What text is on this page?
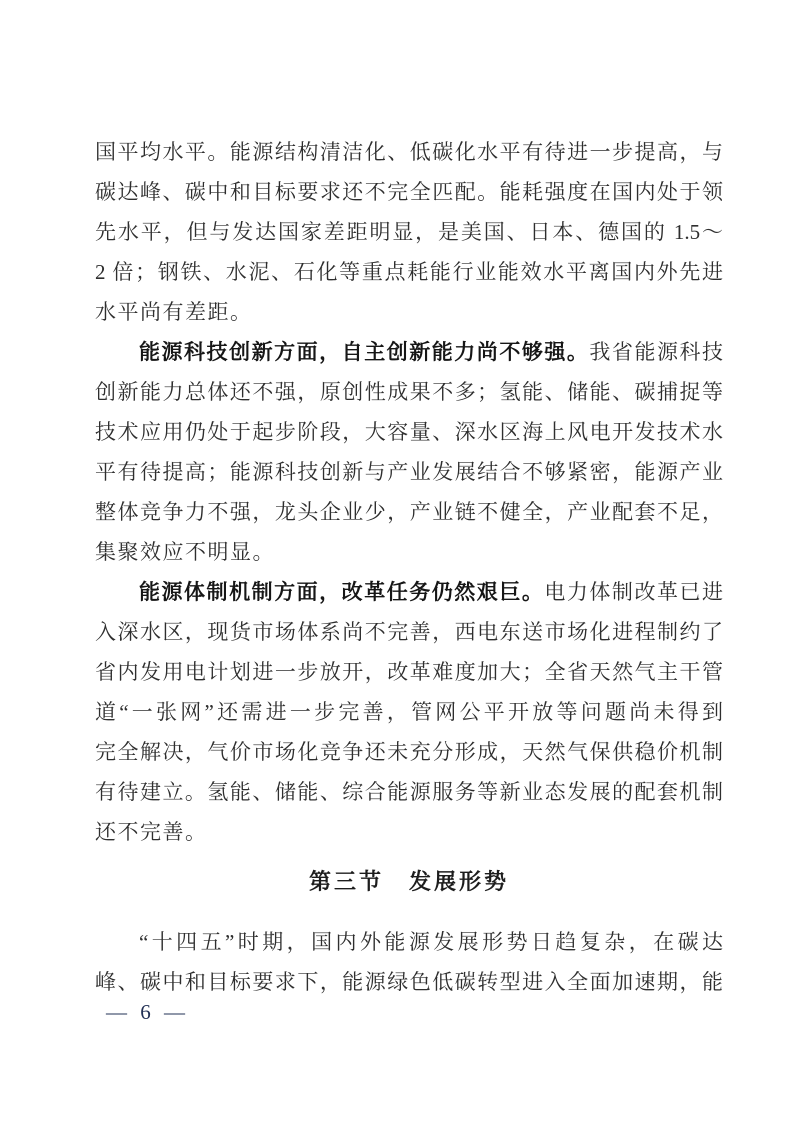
国平均水平。能源结构清洁化、低碳化水平有待进一步提高，与
碳达峰、碳中和目标要求还不完全匹配。能耗强度在国内处于领
先水平，但与发达国家差距明显，是美国、日本、德国的 1.5～
2 倍；钢铁、水泥、石化等重点耗能行业能效水平离国内外先进
水平尚有差距。
能源科技创新方面，自主创新能力尚不够强。我省能源科技
创新能力总体还不强，原创性成果不多；氢能、储能、碳捕捉等
技术应用仍处于起步阶段，大容量、深水区海上风电开发技术水
平有待提高；能源科技创新与产业发展结合不够紧密，能源产业
整体竞争力不强，龙头企业少，产业链不健全，产业配套不足，
集聚效应不明显。
能源体制机制方面，改革任务仍然艰巨。电力体制改革已进
入深水区，现货市场体系尚不完善，西电东送市场化进程制约了
省内发用电计划进一步放开，改革难度加大；全省天然气主干管
道“一张网”还需进一步完善，管网公平开放等问题尚未得到
完全解决，气价市场化竞争还未充分形成，天然气保供稳价机制
有待建立。氢能、储能、综合能源服务等新业态发展的配套机制
还不完善。
第三节　发展形势
“十四五”时期，国内外能源发展形势日趋复杂，在碳达
峰、碳中和目标要求下，能源绿色低碳转型进入全面加速期，能
— 6 —
